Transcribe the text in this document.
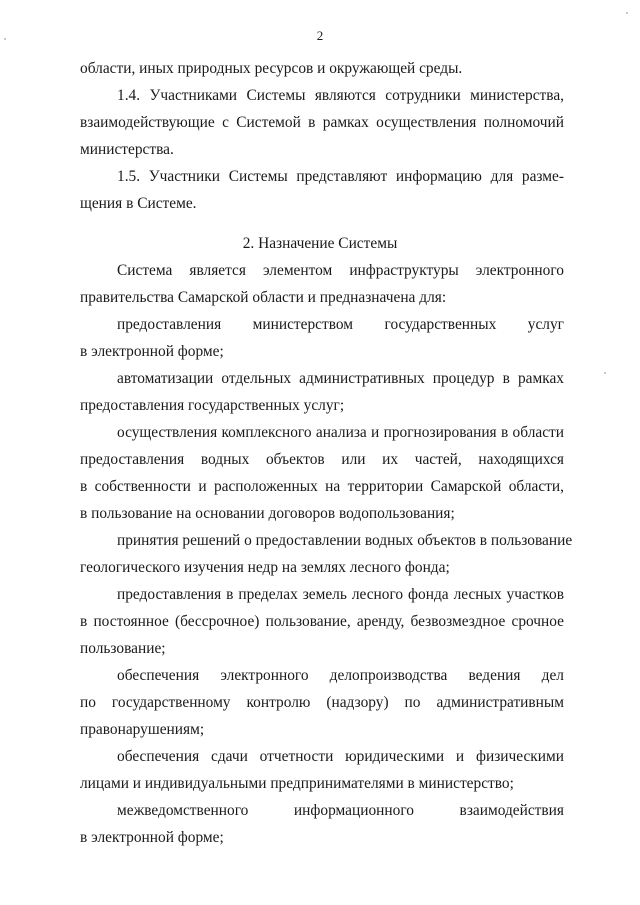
2
области, иных природных ресурсов и окружающей среды.
1.4. Участниками Системы являются сотрудники министерства,
взаимодействующие с Системой в рамках осуществления полномочий
министерства.
1.5. Участники Системы представляют информацию для разме-
щения в Системе.
2. Назначение Системы
Система является элементом инфраструктуры электронного
правительства Самарской области и предназначена для:
предоставления министерством государственных услуг
в электронной форме;
автоматизации отдельных административных процедур в рамках
предоставления государственных услуг;
осуществления комплексного анализа и прогнозирования в области
предоставления водных объектов или их частей, находящихся
в собственности и расположенных на территории Самарской области,
в пользование на основании договоров водопользования;
принятия решений о предоставлении водных объектов в пользование
геологического изучения недр на землях лесного фонда;
предоставления в пределах земель лесного фонда лесных участков
в постоянное (бессрочное) пользование, аренду, безвозмездное срочное
пользование;
обеспечения электронного делопроизводства ведения дел
по государственному контролю (надзору) по административным
правонарушениям;
обеспечения сдачи отчетности юридическими и физическими
лицами и индивидуальными предпринимателями в министерство;
межведомственного информационного взаимодействия
в электронной форме;
